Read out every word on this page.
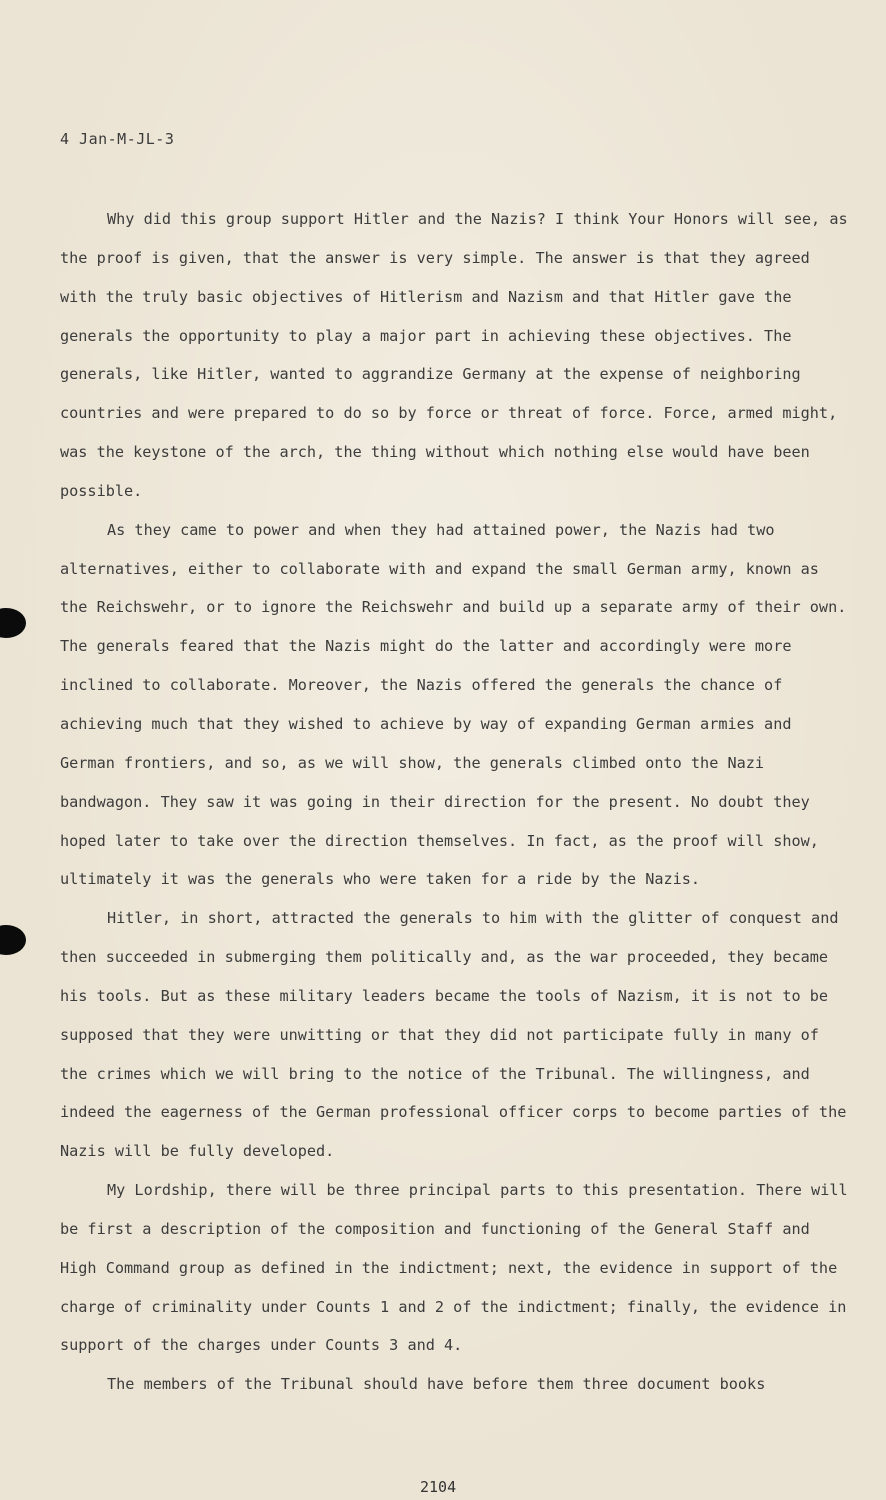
4 Jan-M-JL-3

Why did this group support Hitler and the Nazis? I think Your Honors will see, as the proof is given, that the answer is very simple. The answer is that they agreed with the truly basic objectives of Hitlerism and Nazism and that Hitler gave the generals the opportunity to play a major part in achieving these objectives. The generals, like Hitler, wanted to aggrandize Germany at the expense of neighboring countries and were prepared to do so by force or threat of force. Force, armed might, was the keystone of the arch, the thing without which nothing else would have been possible.

As they came to power and when they had attained power, the Nazis had two alternatives, either to collaborate with and expand the small German army, known as the Reichswehr, or to ignore the Reichswehr and build up a separate army of their own. The generals feared that the Nazis might do the latter and accordingly were more inclined to collaborate. Moreover, the Nazis offered the generals the chance of achieving much that they wished to achieve by way of expanding German armies and German frontiers, and so, as we will show, the generals climbed onto the Nazi bandwagon. They saw it was going in their direction for the present. No doubt they hoped later to take over the direction themselves. In fact, as the proof will show, ultimately it was the generals who were taken for a ride by the Nazis.

Hitler, in short, attracted the generals to him with the glitter of conquest and then succeeded in submerging them politically and, as the war proceeded, they became his tools. But as these military leaders became the tools of Nazism, it is not to be supposed that they were unwitting or that they did not participate fully in many of the crimes which we will bring to the notice of the Tribunal. The willingness, and indeed the eagerness of the German professional officer corps to become parties of the Nazis will be fully developed.

My Lordship, there will be three principal parts to this presentation. There will be first a description of the composition and functioning of the General Staff and High Command group as defined in the indictment; next, the evidence in support of the charge of criminality under Counts 1 and 2 of the indictment; finally, the evidence in support of the charges under Counts 3 and 4.

The members of the Tribunal should have before them three document books

2104
